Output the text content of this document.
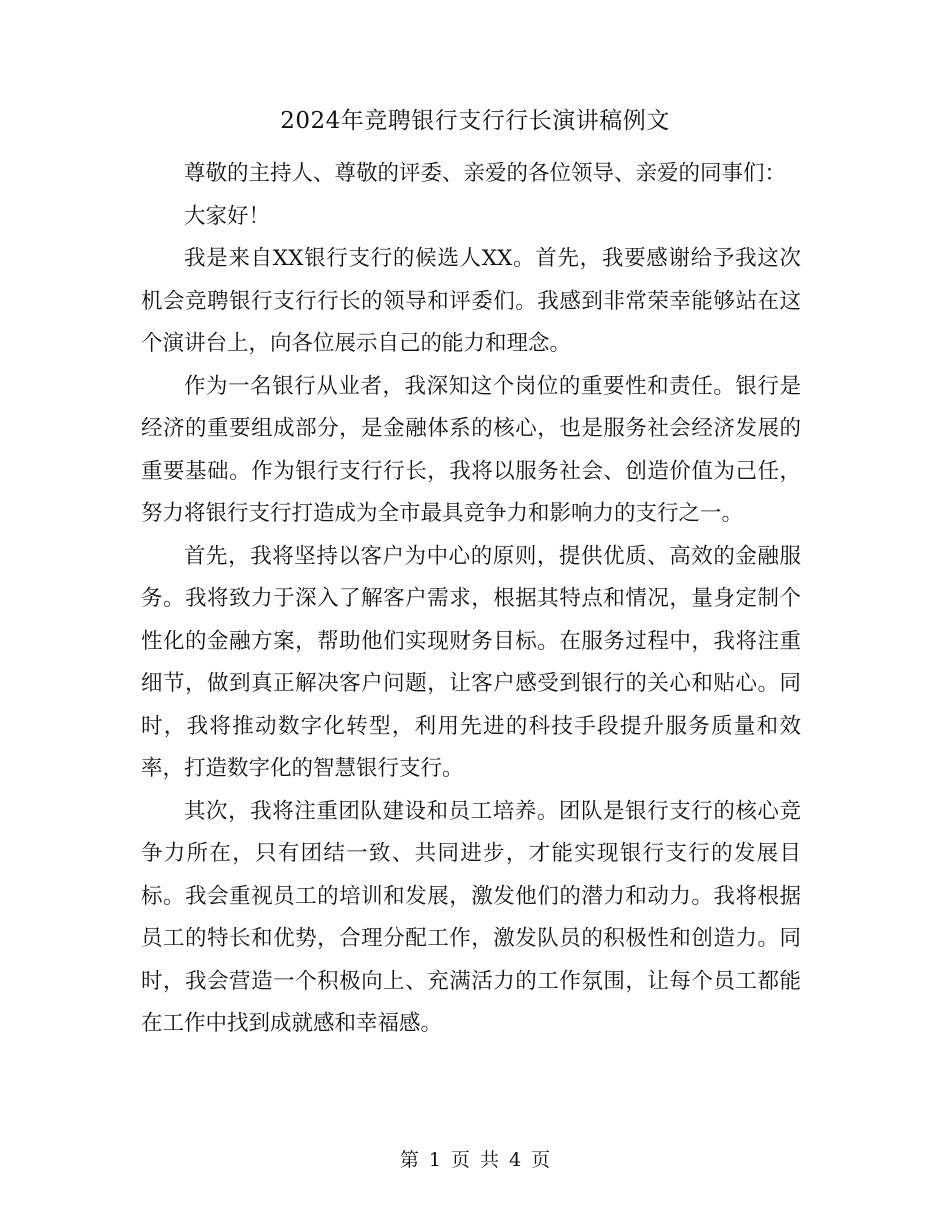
2024年竞聘银行支行行长演讲稿例文

尊敬的主持人、尊敬的评委、亲爱的各位领导、亲爱的同事们：

大家好！

我是来自XX银行支行的候选人XX。首先，我要感谢给予我这次机会竞聘银行支行行长的领导和评委们。我感到非常荣幸能够站在这个演讲台上，向各位展示自己的能力和理念。

作为一名银行从业者，我深知这个岗位的重要性和责任。银行是经济的重要组成部分，是金融体系的核心，也是服务社会经济发展的重要基础。作为银行支行行长，我将以服务社会、创造价值为己任，努力将银行支行打造成为全市最具竞争力和影响力的支行之一。

首先，我将坚持以客户为中心的原则，提供优质、高效的金融服务。我将致力于深入了解客户需求，根据其特点和情况，量身定制个性化的金融方案，帮助他们实现财务目标。在服务过程中，我将注重细节，做到真正解决客户问题，让客户感受到银行的关心和贴心。同时，我将推动数字化转型，利用先进的科技手段提升服务质量和效率，打造数字化的智慧银行支行。

其次，我将注重团队建设和员工培养。团队是银行支行的核心竞争力所在，只有团结一致、共同进步，才能实现银行支行的发展目标。我会重视员工的培训和发展，激发他们的潜力和动力。我将根据员工的特长和优势，合理分配工作，激发队员的积极性和创造力。同时，我会营造一个积极向上、充满活力的工作氛围，让每个员工都能在工作中找到成就感和幸福感。

第 1 页 共 4 页
